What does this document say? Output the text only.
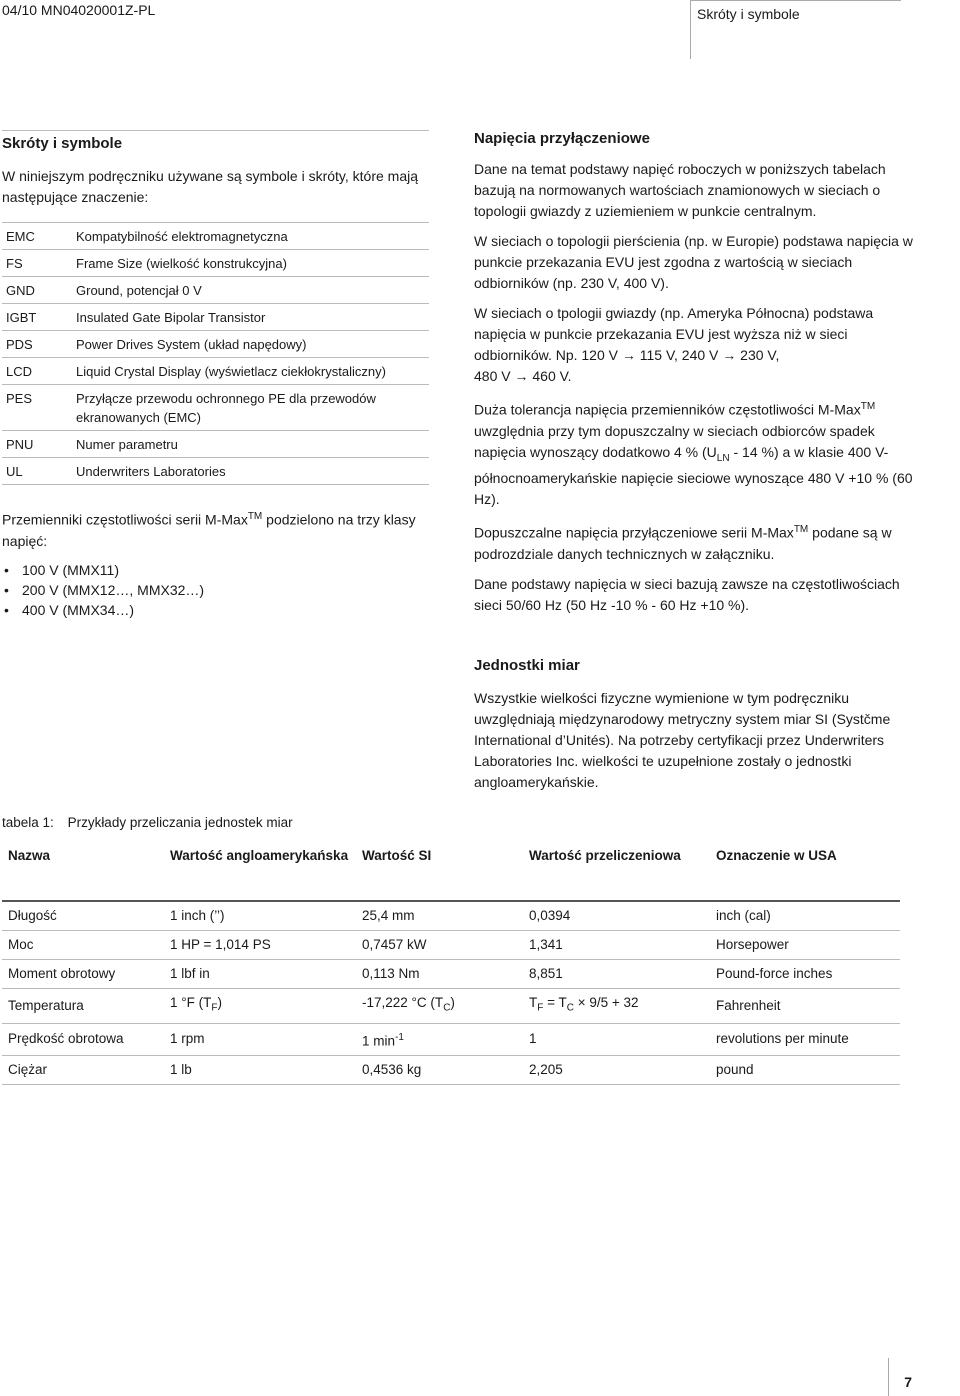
04/10 MN04020001Z-PL	Skróty i symbole
Skróty i symbole
W niniejszym podręczniku używane są symbole i skróty, które mają następujące znaczenie:
EMC	Kompatybilność elektromagnetyczna
FS	Frame Size (wielkość konstrukcyjna)
GND	Ground, potencjał 0 V
IGBT	Insulated Gate Bipolar Transistor
PDS	Power Drives System (układ napędowy)
LCD	Liquid Crystal Display (wyświetlacz ciekłokrystaliczny)
PES	Przyłącze przewodu ochronnego PE dla przewodów ekranowanych (EMC)
PNU	Numer parametru
UL	Underwriters Laboratories
Przemienniki częstotliwości serii M-Max™ podzielono na trzy klasy napięć:
• 100 V (MMX11)
• 200 V (MMX12…, MMX32…)
• 400 V (MMX34…)
Napięcia przyłączeniowe

Dane na temat podstawy napięć roboczych w poniższych tabelach bazują na normowanych wartościach znamionowych w sieciach o topologii gwiazdy z uziemieniem w punkcie centralnym.

W sieciach o topologii pierścienia (np. w Europie) podstawa napięcia w punkcie przekazania EVU jest zgodna z wartością w sieciach odbiorników (np. 230 V, 400 V).

W sieciach o tpologii gwiazdy (np. Ameryka Północna) podstawa napięcia w punkcie przekazania EVU jest wyższa niż w sieci odbiorników. Np. 120 V → 115 V, 240 V → 230 V,
480 V → 460 V.

Duża tolerancja napięcia przemienników częstotliwości M-Max™ uwzględnia przy tym dopuszczalny w sieciach odbiorców spadek napięcia wynoszący dodatkowo 4 % ($U_{LN} - 14$ %) a w klasie 400 V-północnoamerykańskie napięcie sieciowe wynoszące 480 V +10 % (60 Hz).

Dopuszczalne napięcia przyłączeniowe serii M-Max™ podane są w podrozdziale danych technicznych w załączniku.

Dane podstawy napięcia w sieci bazują zawsze na częstotliwościach sieci 50/60 Hz (50 Hz -10 % - 60 Hz +10 %).

Jednostki miar
Wszystkie wielkości fizyczne wymienione w tym podręczniku uwzględniają międzynarodowy metryczny system miar SI (Systčme International d’Unités). Na potrzeby certyfikacji przez Underwriters Laboratories Inc. wielkości te uzupełnione zostały o jednostki angloamerykańskie.
tabela 1: Przykłady przeliczania jednostek miar
Nazwa	Wartość angloamerykańska	Wartość SI	Wartość przeliczeniowa	Oznaczenie w USA
Długość	1 inch (’’)	25,4 mm	0,0394	inch (cal)
Moc	1 HP = 1,014 PS	0,7457 kW	1,341	Horsepower
Moment obrotowy	1 lbf in	0,113 Nm	8,851	Pound-force inches
Temperatura	1 °F $(T_F)$	-17,222 °C $(T_C)$	$T_F = T_C \times 9/5 + 32$	Fahrenheit
Prędkość obrotowa	1 rpm	1 $\min^{-1}$	1	revolutions per minute
Ciężar	1 lb	0,4536 kg	2,205	pound
7
